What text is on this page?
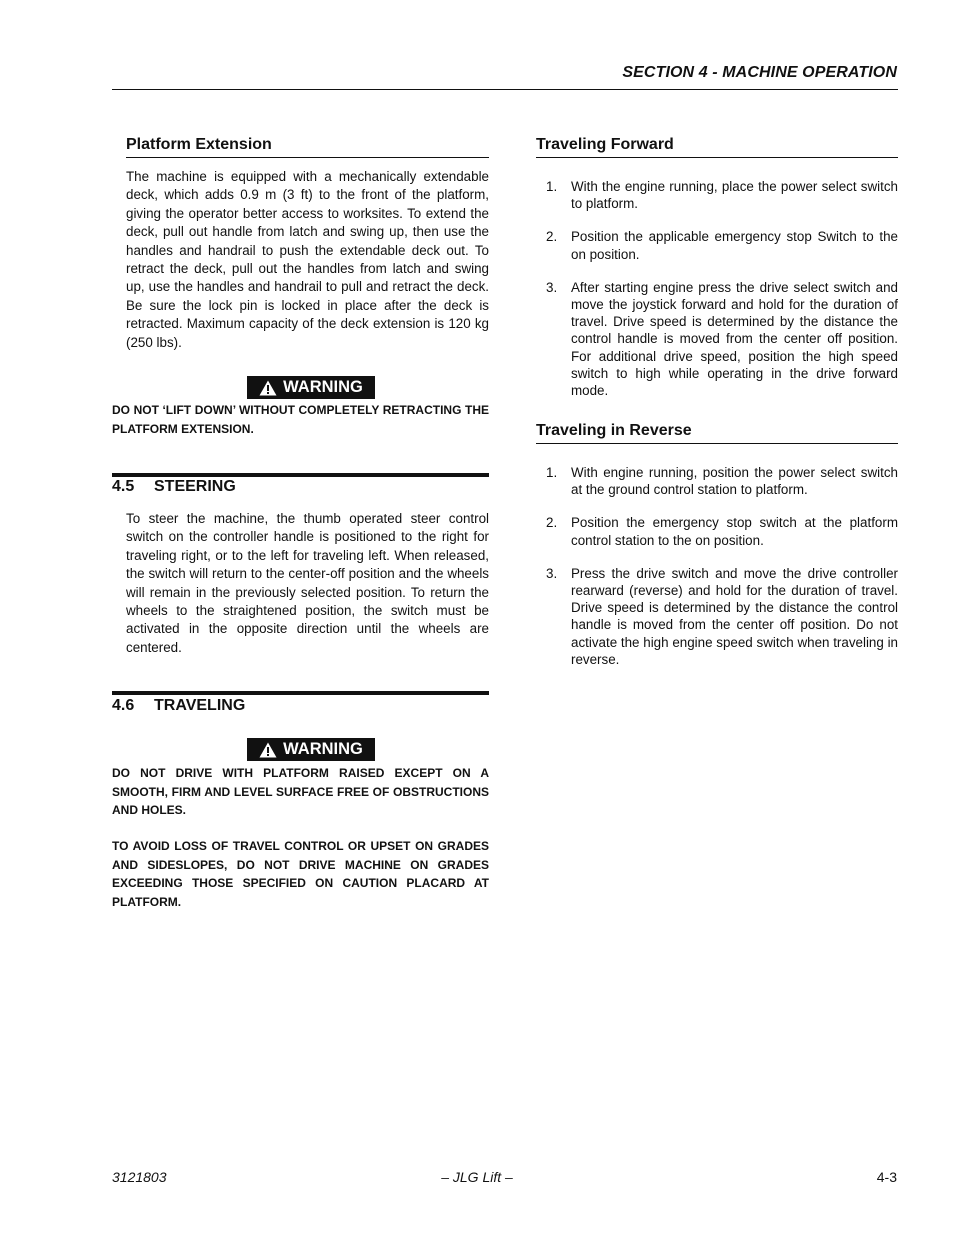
SECTION 4 - MACHINE OPERATION
Platform Extension
The machine is equipped with a mechanically extendable deck, which adds 0.9 m (3 ft) to the front of the platform, giving the operator better access to worksites. To extend the deck, pull out handle from latch and swing up, then use the handles and handrail to push the extendable deck out. To retract the deck, pull out the handles from latch and swing up, use the handles and handrail to pull and retract the deck. Be sure the lock pin is locked in place after the deck is retracted. Maximum capacity of the deck extension is 120 kg (250 lbs).
WARNING
DO NOT ‘LIFT DOWN’ WITHOUT COMPLETELY RETRACTING THE PLATFORM EXTENSION.
4.5 STEERING
To steer the machine, the thumb operated steer control switch on the controller handle is positioned to the right for traveling right, or to the left for traveling left. When released, the switch will return to the center-off position and the wheels will remain in the previously selected position. To return the wheels to the straightened position, the switch must be activated in the opposite direction until the wheels are centered.
4.6 TRAVELING
WARNING
DO NOT DRIVE WITH PLATFORM RAISED EXCEPT ON A SMOOTH, FIRM AND LEVEL SURFACE FREE OF OBSTRUCTIONS AND HOLES.
TO AVOID LOSS OF TRAVEL CONTROL OR UPSET ON GRADES AND SIDESLOPES, DO NOT DRIVE MACHINE ON GRADES EXCEEDING THOSE SPECIFIED ON CAUTION PLACARD AT PLATFORM.
Traveling Forward
1. With the engine running, place the power select switch to platform.
2. Position the applicable emergency stop Switch to the on position.
3. After starting engine press the drive select switch and move the joystick forward and hold for the duration of travel. Drive speed is determined by the distance the control handle is moved from the center off position. For additional drive speed, position the high speed switch to high while operating in the drive forward mode.
Traveling in Reverse
1. With engine running, position the power select switch at the ground control station to platform.
2. Position the emergency stop switch at the platform control station to the on position.
3. Press the drive switch and move the drive controller rearward (reverse) and hold for the duration of travel. Drive speed is determined by the distance the control handle is moved from the center off position. Do not activate the high engine speed switch when traveling in reverse.
3121803	– JLG Lift –	4-3
